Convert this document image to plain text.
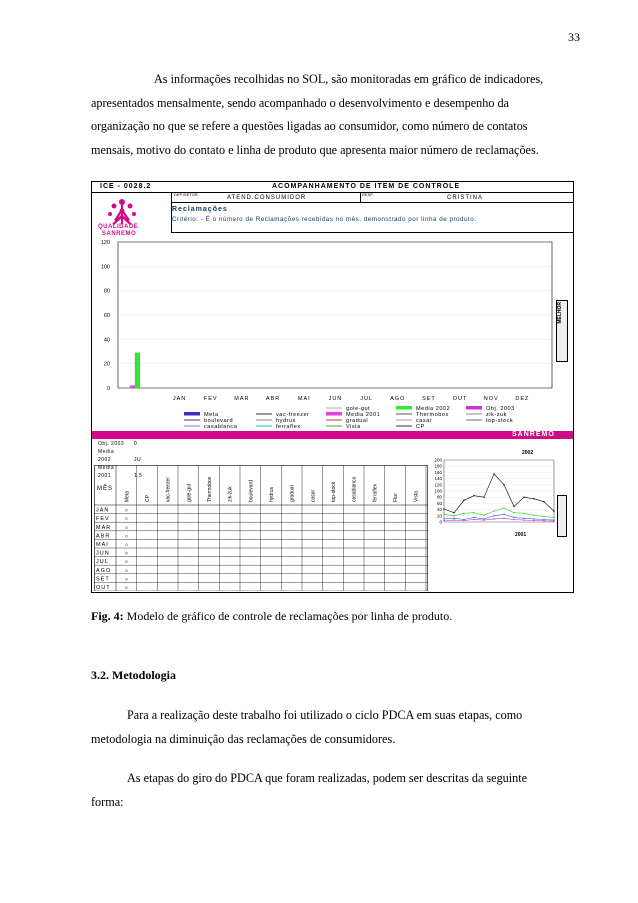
33
As informações recolhidas no SOL, são monitoradas em gráfico de indicadores,
apresentados mensalmente, sendo acompanhado o desenvolvimento e desempenho da
organização no que se refere a questões ligadas ao consumidor, como número de contatos
mensais, motivo do contato e linha de produto que apresenta maior número de reclamações.
ICE - 0028.2	ACOMPANHAMENTO DE ITEM DE CONTROLE
DEP./SETOR
ATEND.CONSUMIDOR
RESP.
CRISTINA
QUALIDADE
SANREMO
Reclamações
Critério: - É o número de Reclamações recebidas no mês, demonstrado por linha de produto.
0
20
40
60
80
100
120
JAN	FEV	MAR	ABR	MAI	JUN	JUL	AGO	SET	OUT	NOV	DEZ
MELHOR
Meta	vac-freezer
boulevard	hydrus
casablanca	ferraflex
Media 2001
gole-gut
gradual
Vista
Media 2002
Thermobox
casar
CP
Obj. 2003
zik-zuk
top-stock
SANREMO
Obj. 2003 0
Media 2002	JU
Media 2001	1,5
2002
MÊS
Meta	CP	vac-freezer	gole-gut	Thermobox	zik-zuk	boulevard	hydrus	gradual	casar	top-stock	casablanca	ferraflex	Flor	Vista
JAN	0
FEV	0
MAR	0
ABR	0
MAI	0
JUN	0
JUL	0
AGO	0
SET	0
OUT	0
0
20
40
60
80
100
120
140
160
180
200
2001
Fig. 4: Modelo de gráfico de controle de reclamações por linha de produto.
3.2. Metodologia
Para a realização deste trabalho foi utilizado o ciclo PDCA em suas etapas, como
metodologia na diminuição das reclamações de consumidores.
As etapas do giro do PDCA que foram realizadas, podem ser descritas da seguinte
forma:
